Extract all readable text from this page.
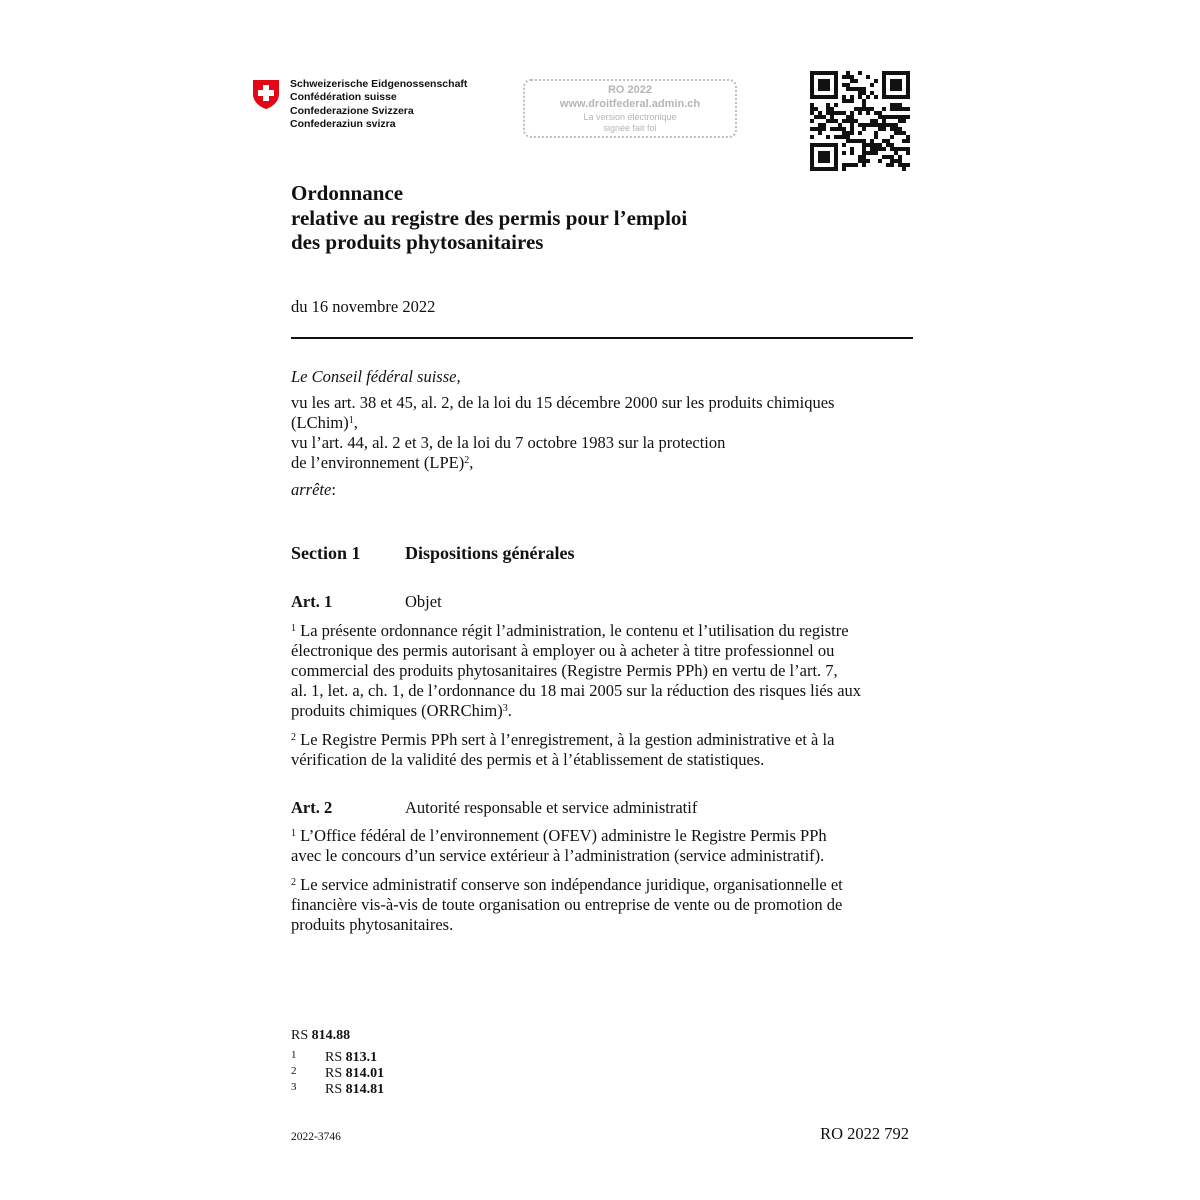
Schweizerische Eidgenossenschaft
Confédération suisse
Confederazione Svizzera
Confederaziun svizra
RO 2022
www.droitfederal.admin.ch
La version électronique
signée fait foi
Ordonnance
relative au registre des permis pour l’emploi
des produits phytosanitaires
du 16 novembre 2022
Le Conseil fédéral suisse,
vu les art. 38 et 45, al. 2, de la loi du 15 décembre 2000 sur les produits chimiques
(LChim)$^1$,
vu l’art. 44, al. 2 et 3, de la loi du 7 octobre 1983 sur la protection
de l’environnement (LPE)$^2$,
arrête:
Section 1 Dispositions générales
Art. 1	Objet
$^1$ La présente ordonnance régit l’administration, le contenu et l’utilisation du registre
électronique des permis autorisant à employer ou à acheter à titre professionnel ou
commercial des produits phytosanitaires (Registre Permis PPh) en vertu de l’art. 7,
al. 1, let. a, ch. 1, de l’ordonnance du 18 mai 2005 sur la réduction des risques liés aux
produits chimiques (ORRChim)$^3$.
$^2$ Le Registre Permis PPh sert à l’enregistrement, à la gestion administrative et à la
vérification de la validité des permis et à l’établissement de statistiques.
Art. 2	Autorité responsable et service administratif
$^1$ L’Office fédéral de l’environnement (OFEV) administre le Registre Permis PPh
avec le concours d’un service extérieur à l’administration (service administratif).
$^2$ Le service administratif conserve son indépendance juridique, organisationnelle et
financière vis-à-vis de toute organisation ou entreprise de vente ou de promotion de
produits phytosanitaires.
RS 814.88
1 RS 813.1
2 RS 814.01
3 RS 814.81
2022-3746	RO 2022 792
